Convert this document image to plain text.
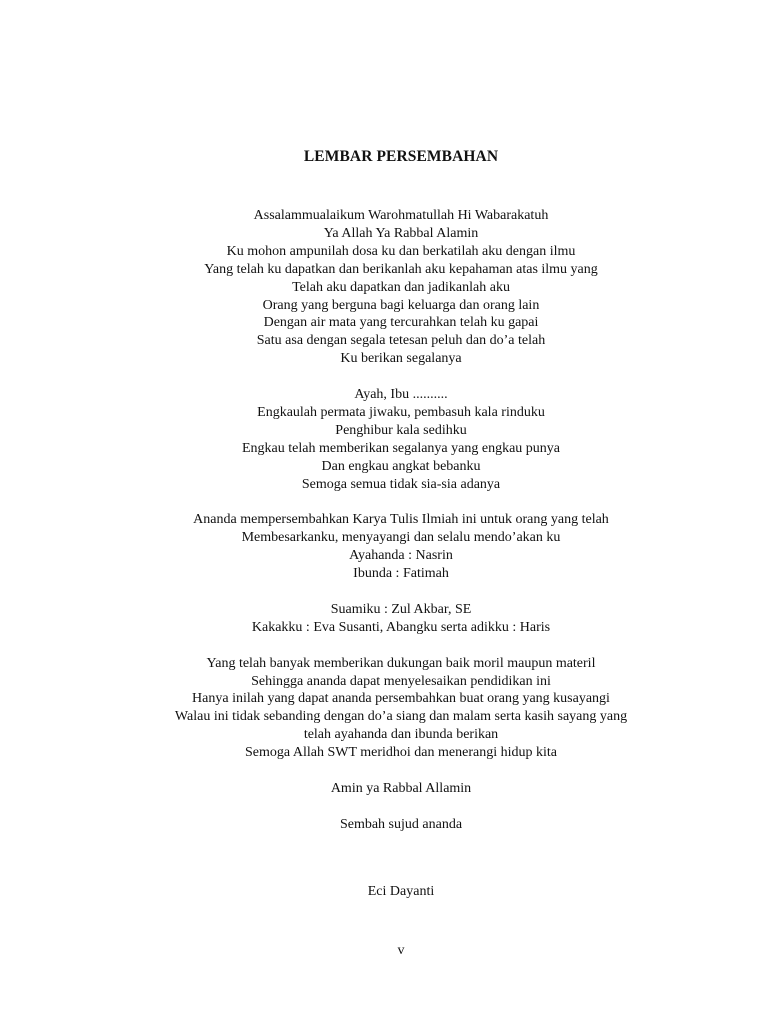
LEMBAR PERSEMBAHAN
Assalammualaikum Warohmatullah Hi Wabarakatuh
Ya Allah Ya Rabbal Alamin
Ku mohon ampunilah dosa ku dan berkatilah aku dengan ilmu
Yang telah ku dapatkan dan berikanlah aku kepahaman atas ilmu yang
Telah aku dapatkan dan jadikanlah aku
Orang yang berguna bagi keluarga dan orang lain
Dengan air mata yang tercurahkan telah ku gapai
Satu asa dengan segala tetesan peluh dan do’a telah
Ku berikan segalanya
Ayah, Ibu ..........
Engkaulah permata jiwaku, pembasuh kala rinduku
Penghibur kala sedihku
Engkau telah memberikan segalanya yang engkau punya
Dan engkau angkat bebanku
Semoga semua tidak sia-sia adanya
Ananda mempersembahkan Karya Tulis Ilmiah ini untuk orang yang telah
Membesarkanku, menyayangi dan selalu mendo’akan ku
Ayahanda : Nasrin
Ibunda : Fatimah
Suamiku : Zul Akbar, SE
Kakakku : Eva Susanti, Abangku serta adikku : Haris
Yang telah banyak memberikan dukungan baik moril maupun materil
Sehingga ananda dapat menyelesaikan pendidikan ini
Hanya inilah yang dapat ananda persembahkan buat orang yang kusayangi
Walau ini tidak sebanding dengan do’a siang dan malam serta kasih sayang yang
telah ayahanda dan ibunda berikan
Semoga Allah SWT meridhoi dan menerangi hidup kita
Amin ya Rabbal Allamin
Sembah sujud ananda
Eci Dayanti
v
